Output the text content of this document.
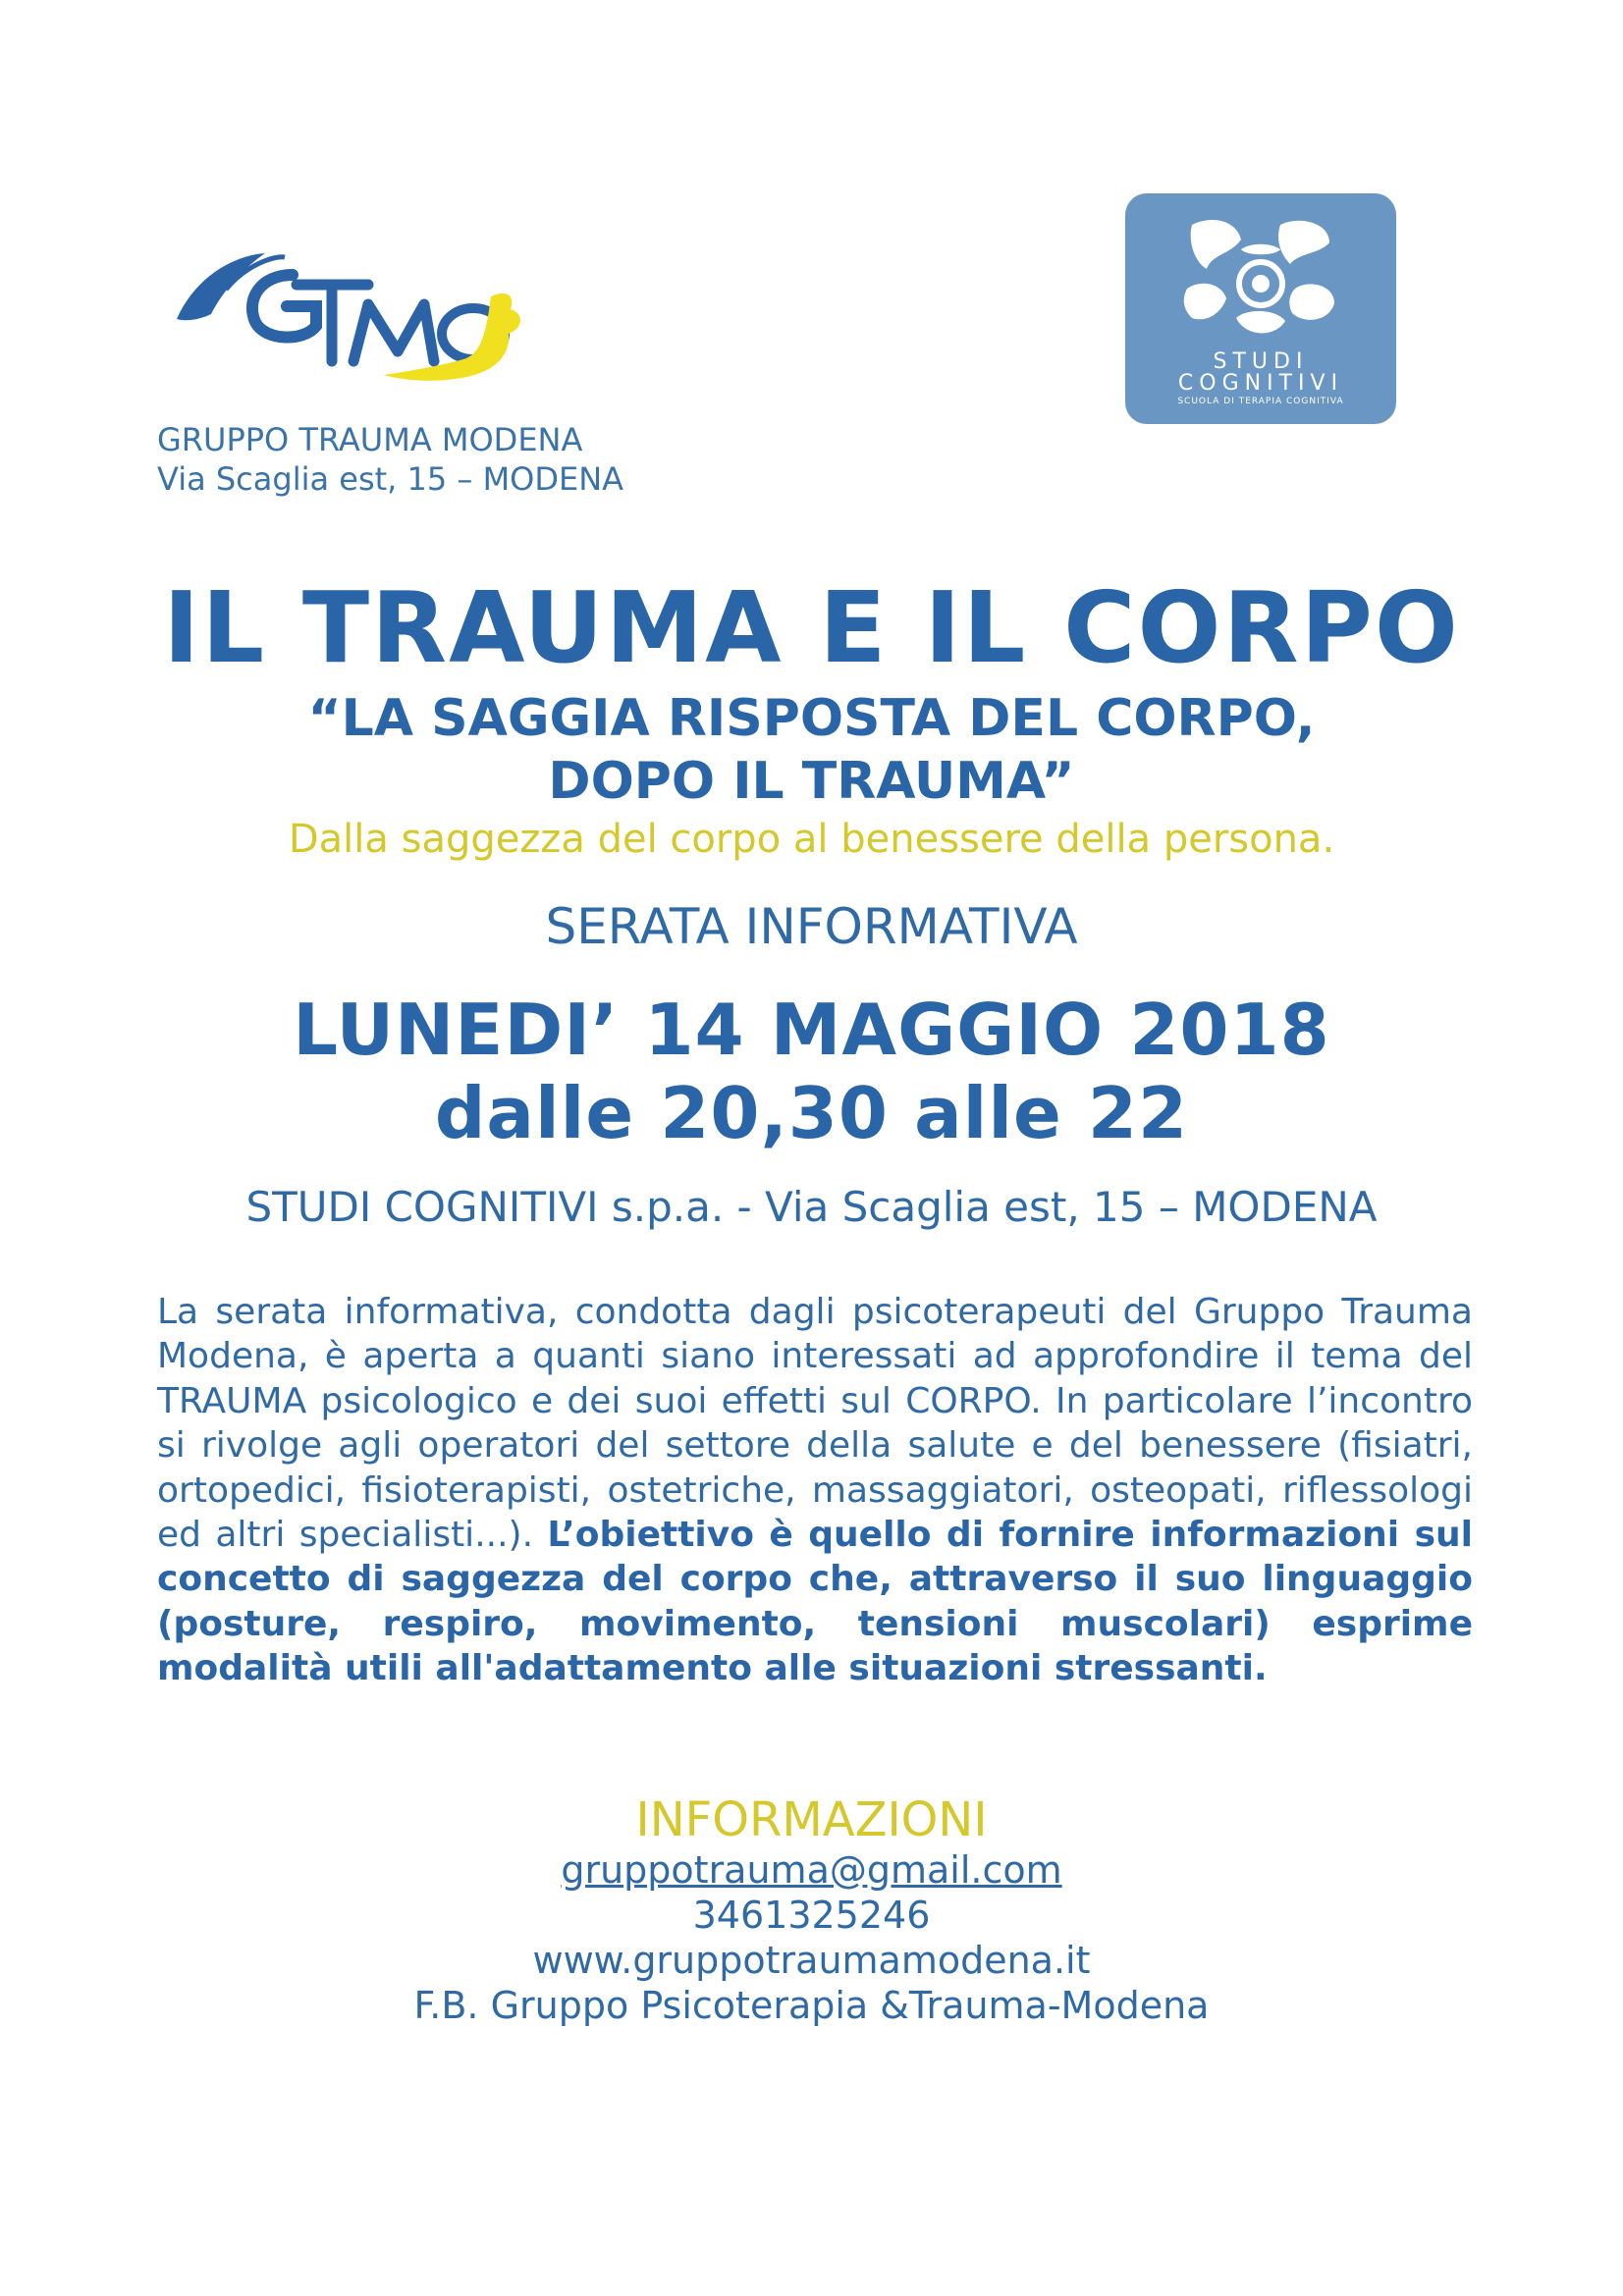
GRUPPO TRAUMA MODENA
Via Scaglia est, 15 – MODENA
STUDI
COGNITIVI
SCUOLA DI TERAPIA COGNITIVA
IL TRAUMA E IL CORPO
“LA SAGGIA RISPOSTA DEL CORPO,
DOPO IL TRAUMA”
Dalla saggezza del corpo al benessere della persona.
SERATA INFORMATIVA
LUNEDI’ 14 MAGGIO 2018
dalle 20,30 alle 22
STUDI COGNITIVI s.p.a. - Via Scaglia est, 15 – MODENA
La serata informativa, condotta dagli psicoterapeuti del Gruppo Trauma Modena, è aperta a quanti siano interessati ad approfondire il tema del TRAUMA psicologico e dei suoi effetti sul CORPO. In particolare l’incontro si rivolge agli operatori del settore della salute e del benessere (fisiatri, ortopedici, fisioterapisti, ostetriche, massaggiatori, osteopati, riflessologi ed altri specialisti...). L’obiettivo è quello di fornire informazioni sul concetto di saggezza del corpo che, attraverso il suo linguaggio (posture, respiro, movimento, tensioni muscolari) esprime modalità utili all'adattamento alle situazioni stressanti.
INFORMAZIONI
gruppotrauma@gmail.com
3461325246
www.gruppotraumamodena.it
F.B. Gruppo Psicoterapia &Trauma-Modena
